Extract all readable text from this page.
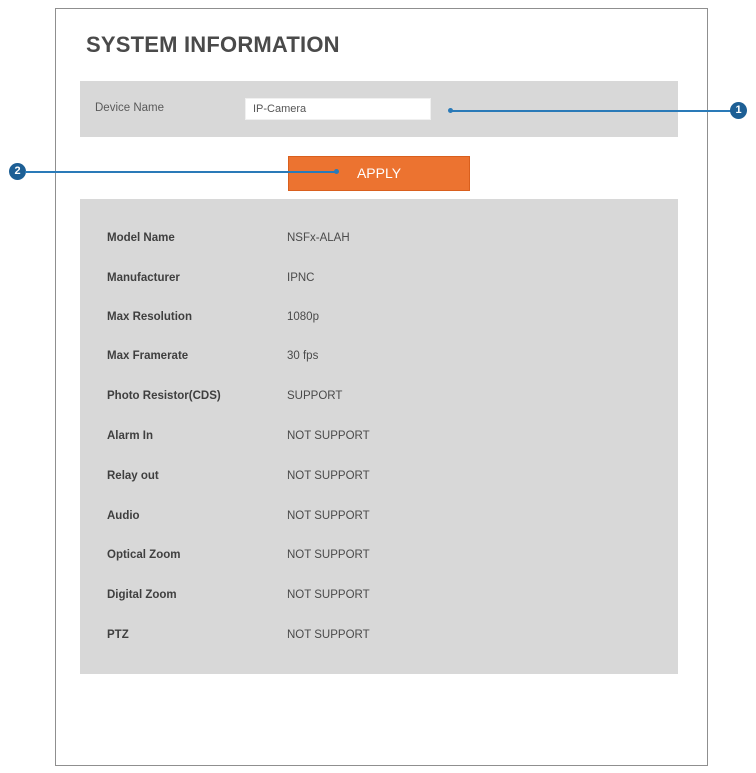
SYSTEM INFORMATION
Device Name
IP-Camera
APPLY
Model Name	NSFx-ALAH
Manufacturer	IPNC
Max Resolution	1080p
Max Framerate	30 fps
Photo Resistor(CDS)	SUPPORT
Alarm In	NOT SUPPORT
Relay out	NOT SUPPORT
Audio	NOT SUPPORT
Optical Zoom	NOT SUPPORT
Digital Zoom	NOT SUPPORT
PTZ	NOT SUPPORT
1
2
